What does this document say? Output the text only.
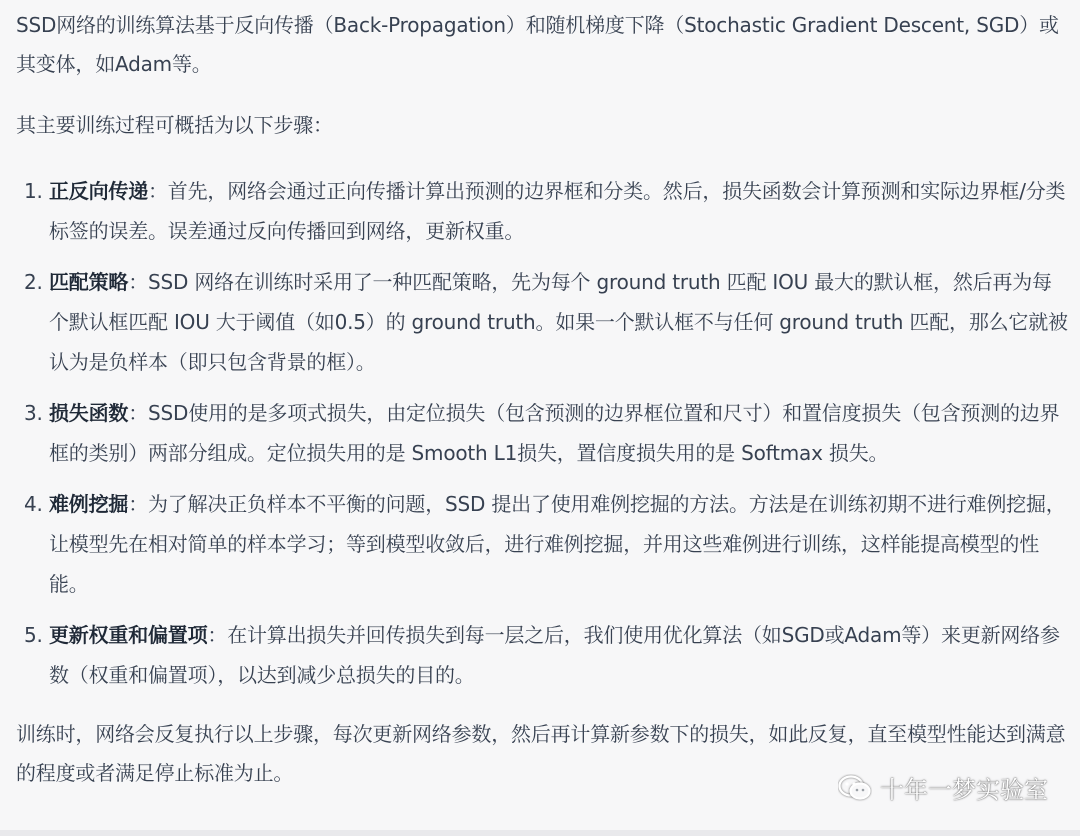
SSD网络的训练算法基于反向传播（Back-Propagation）和随机梯度下降（Stochastic Gradient Descent, SGD）或其变体，如Adam等。

其主要训练过程可概括为以下步骤：

1. 正反向传递：首先，网络会通过正向传播计算出预测的边界框和分类。然后，损失函数会计算预测和实际边界框/分类标签的误差。误差通过反向传播回到网络，更新权重。
2. 匹配策略：SSD 网络在训练时采用了一种匹配策略，先为每个 ground truth 匹配 IOU 最大的默认框，然后再为每个默认框匹配 IOU 大于阈值（如0.5）的 ground truth。如果一个默认框不与任何 ground truth 匹配，那么它就被认为是负样本（即只包含背景的框）。
3. 损失函数：SSD使用的是多项式损失，由定位损失（包含预测的边界框位置和尺寸）和置信度损失（包含预测的边界框的类别）两部分组成。定位损失用的是 Smooth L1损失，置信度损失用的是 Softmax 损失。
4. 难例挖掘：为了解决正负样本不平衡的问题，SSD 提出了使用难例挖掘的方法。方法是在训练初期不进行难例挖掘，让模型先在相对简单的样本学习；等到模型收敛后，进行难例挖掘，并用这些难例进行训练，这样能提高模型的性能。
5. 更新权重和偏置项：在计算出损失并回传损失到每一层之后，我们使用优化算法（如SGD或Adam等）来更新网络参数（权重和偏置项），以达到减少总损失的目的。

训练时，网络会反复执行以上步骤，每次更新网络参数，然后再计算新参数下的损失，如此反复，直至模型性能达到满意的程度或者满足停止标准为止。

十年一梦实验室
